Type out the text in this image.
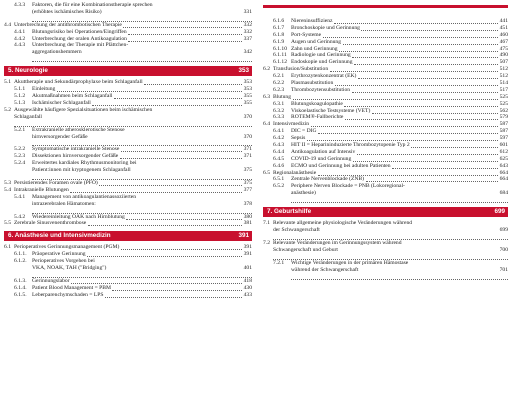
4.3.3 Faktoren, die für eine Kombinationstherapie sprechen
(erhöhtes ischämisches Risiko)	331
4.4 Unterbrechung der antithrombotischen Therapie	332
4.4.1 Blutungsrisiko bei Operationen/Eingriffen	332
4.4.2 Unterbrechung der oralen Antikoagulation	337
4.4.3 Unterbrechung der Therapie mit Plättchen-
aggregationshemmern	342
5. Neurologie	353
5.1 Akuttherapie und Sekundärprophylaxe beim Schlaganfall	353
5.1.1 Einleitung	353
5.1.2 Akutmaßnahmen beim Schlaganfall	355
5.1.3 Ischämischer Schlaganfall	355
5.2 Ausgewählte häufigere Spezialsituationen beim ischämischen
Schlaganfall	370
5.2.1 Extrakranielle atherosklerotische Stenose
hirnversorgender Gefäße	370
5.2.2 Symptomatische intrakranielle Stenose	371
5.2.3 Dissektionen hirnversorgender Gefäße	371
5.2.4 Erweitertes kardiales Rhythmusmonitoring bei
Patient:innen mit kryptogenem Schlaganfall	375
5.3 Persistierendes Foramen ovale (PFO)	375
5.4 Intrakranielle Blutungen	377
5.4.1 Management von antikoagulantienassoziierten
intrazerebralen Hämatomen:	378
5.4.2 Wiedereinleitung OAK nach Hirnblutung	380
5.5 Zerebrale Sinusvenenthrombose	381
6. Anästhesie und Intensivmedizin	391
6.1 Perioperatives Gerinnungsmanagement (PGM)	391
6.1.1. Präoperative Gerinnung	391
6.1.2. Perioperatives Vorgehen bei
VKA, NOAK, TAH ("Bridging")	401
6.1.3. Gerinnungslabor	418
6.1.4. Patient Blood Management = PBM	430
6.1.5. Leberparenchymschaden = LPS	433
6.1.6 Niereninsuffizienz	441
6.1.7 Bronchoskopie und Gerinnung	451
6.1.8 Port-Systeme	460
6.1.9 Augen und Gerinnung	467
6.1.10 Zahn und Gerinnung	475
6.1.11 Radiologie und Gerinnung	490
6.1.12 Endoskopie und Gerinnung	507
6.2 Transfusion/Substitution	512
6.2.1 Erythrozytenkonzentrat (EK)	512
6.2.2 Plasmasubstitution	514
6.2.3 Thrombozytensubstitution	517
6.3 Blutung	525
6.3.1 Blutungskoagulopathie	525
6.3.2 Viskoelastische Testsysteme (VET)	562
6.3.3 ROTEM®-Fallberichte	579
6.4 Intensivmedizin	587
6.4.1 DIC = DIG	587
6.4.2 Sepsis	597
6.4.3 HIT II = Heparininduzierte Thrombozytopenie Typ 2	601
6.4.4 Antikoagulation auf Intensiv	612
6.4.5 COVID-19 und Gerinnung	625
6.4.6 ECMO und Gerinnung bei adulten Patienten	643
6.5 Regionalanästhesie	664
6.5.1 Zentrale Nervenblockade (ZNB)	664
6.5.2 Periphere Nerven Blockade = PNB (Lokoregional-
anästhesie)	684
7. Geburtshilfe	699
7.1 Relevante allgemeine physiologische Veränderungen während
der Schwangerschaft	699
7.2 Relevante Veränderungen im Gerinnungssystem während
Schwangerschaft und Geburt	700
7.2.1 Wichtige Veränderungen in der primären Hämostase
während der Schwangerschaft	701
